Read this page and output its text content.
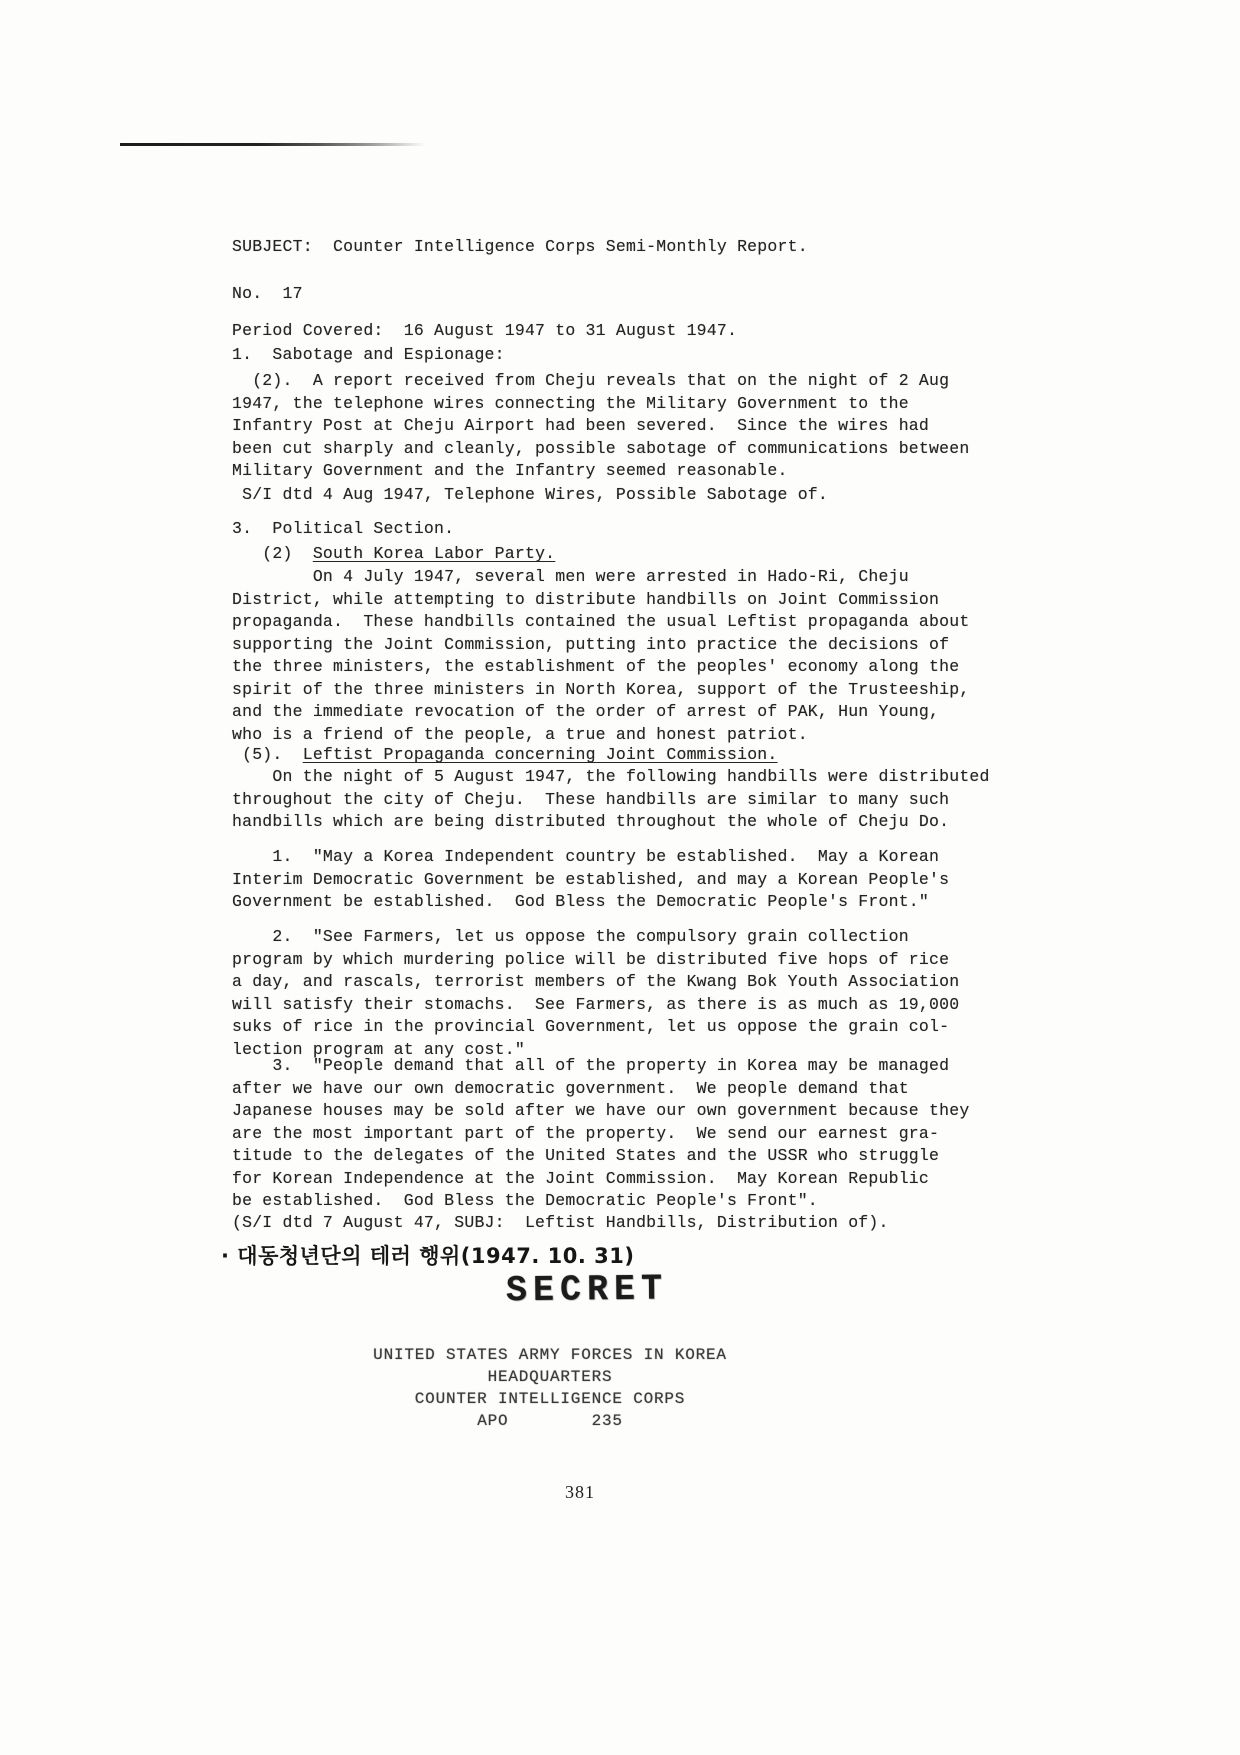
SUBJECT:  Counter Intelligence Corps Semi-Monthly Report.
No.  17
Period Covered:  16 August 1947 to 31 August 1947.
1.  Sabotage and Espionage:
(2).  A report received from Cheju reveals that on the night of 2 Aug
1947, the telephone wires connecting the Military Government to the
Infantry Post at Cheju Airport had been severed.  Since the wires had
been cut sharply and cleanly, possible sabotage of communications between
Military Government and the Infantry seemed reasonable.
S/I dtd 4 Aug 1947, Telephone Wires, Possible Sabotage of.
3.  Political Section.
(2)  South Korea Labor Party.
On 4 July 1947, several men were arrested in Hado-Ri, Cheju
District, while attempting to distribute handbills on Joint Commission
propaganda.  These handbills contained the usual Leftist propaganda about
supporting the Joint Commission, putting into practice the decisions of
the three ministers, the establishment of the peoples' economy along the
spirit of the three ministers in North Korea, support of the Trusteeship,
and the immediate revocation of the order of arrest of PAK, Hun Young,
who is a friend of the people, a true and honest patriot.
(5).  Leftist Propaganda concerning Joint Commission.
On the night of 5 August 1947, the following handbills were distributed
throughout the city of Cheju.  These handbills are similar to many such
handbills which are being distributed throughout the whole of Cheju Do.
1.  "May a Korea Independent country be established.  May a Korean
Interim Democratic Government be established, and may a Korean People's
Government be established.  God Bless the Democratic People's Front."
2.  "See Farmers, let us oppose the compulsory grain collection
program by which murdering police will be distributed five hops of rice
a day, and rascals, terrorist members of the Kwang Bok Youth Association
will satisfy their stomachs.  See Farmers, as there is as much as 19,000
suks of rice in the provincial Government, let us oppose the grain col-
lection program at any cost."
3.  "People demand that all of the property in Korea may be managed
after we have our own democratic government.  We people demand that
Japanese houses may be sold after we have our own government because they
are the most important part of the property.  We send our earnest gra-
titude to the delegates of the United States and the USSR who struggle
for Korean Independence at the Joint Commission.  May Korean Republic
be established.  God Bless the Democratic People's Front".
(S/I dtd 7 August 47, SUBJ:  Leftist Handbills, Distribution of).
· 대동청년단의 테러 행위(1947. 10. 31)
SECRET
UNITED STATES ARMY FORCES IN KOREA
HEADQUARTERS
COUNTER INTELLIGENCE CORPS
APO        235
381
